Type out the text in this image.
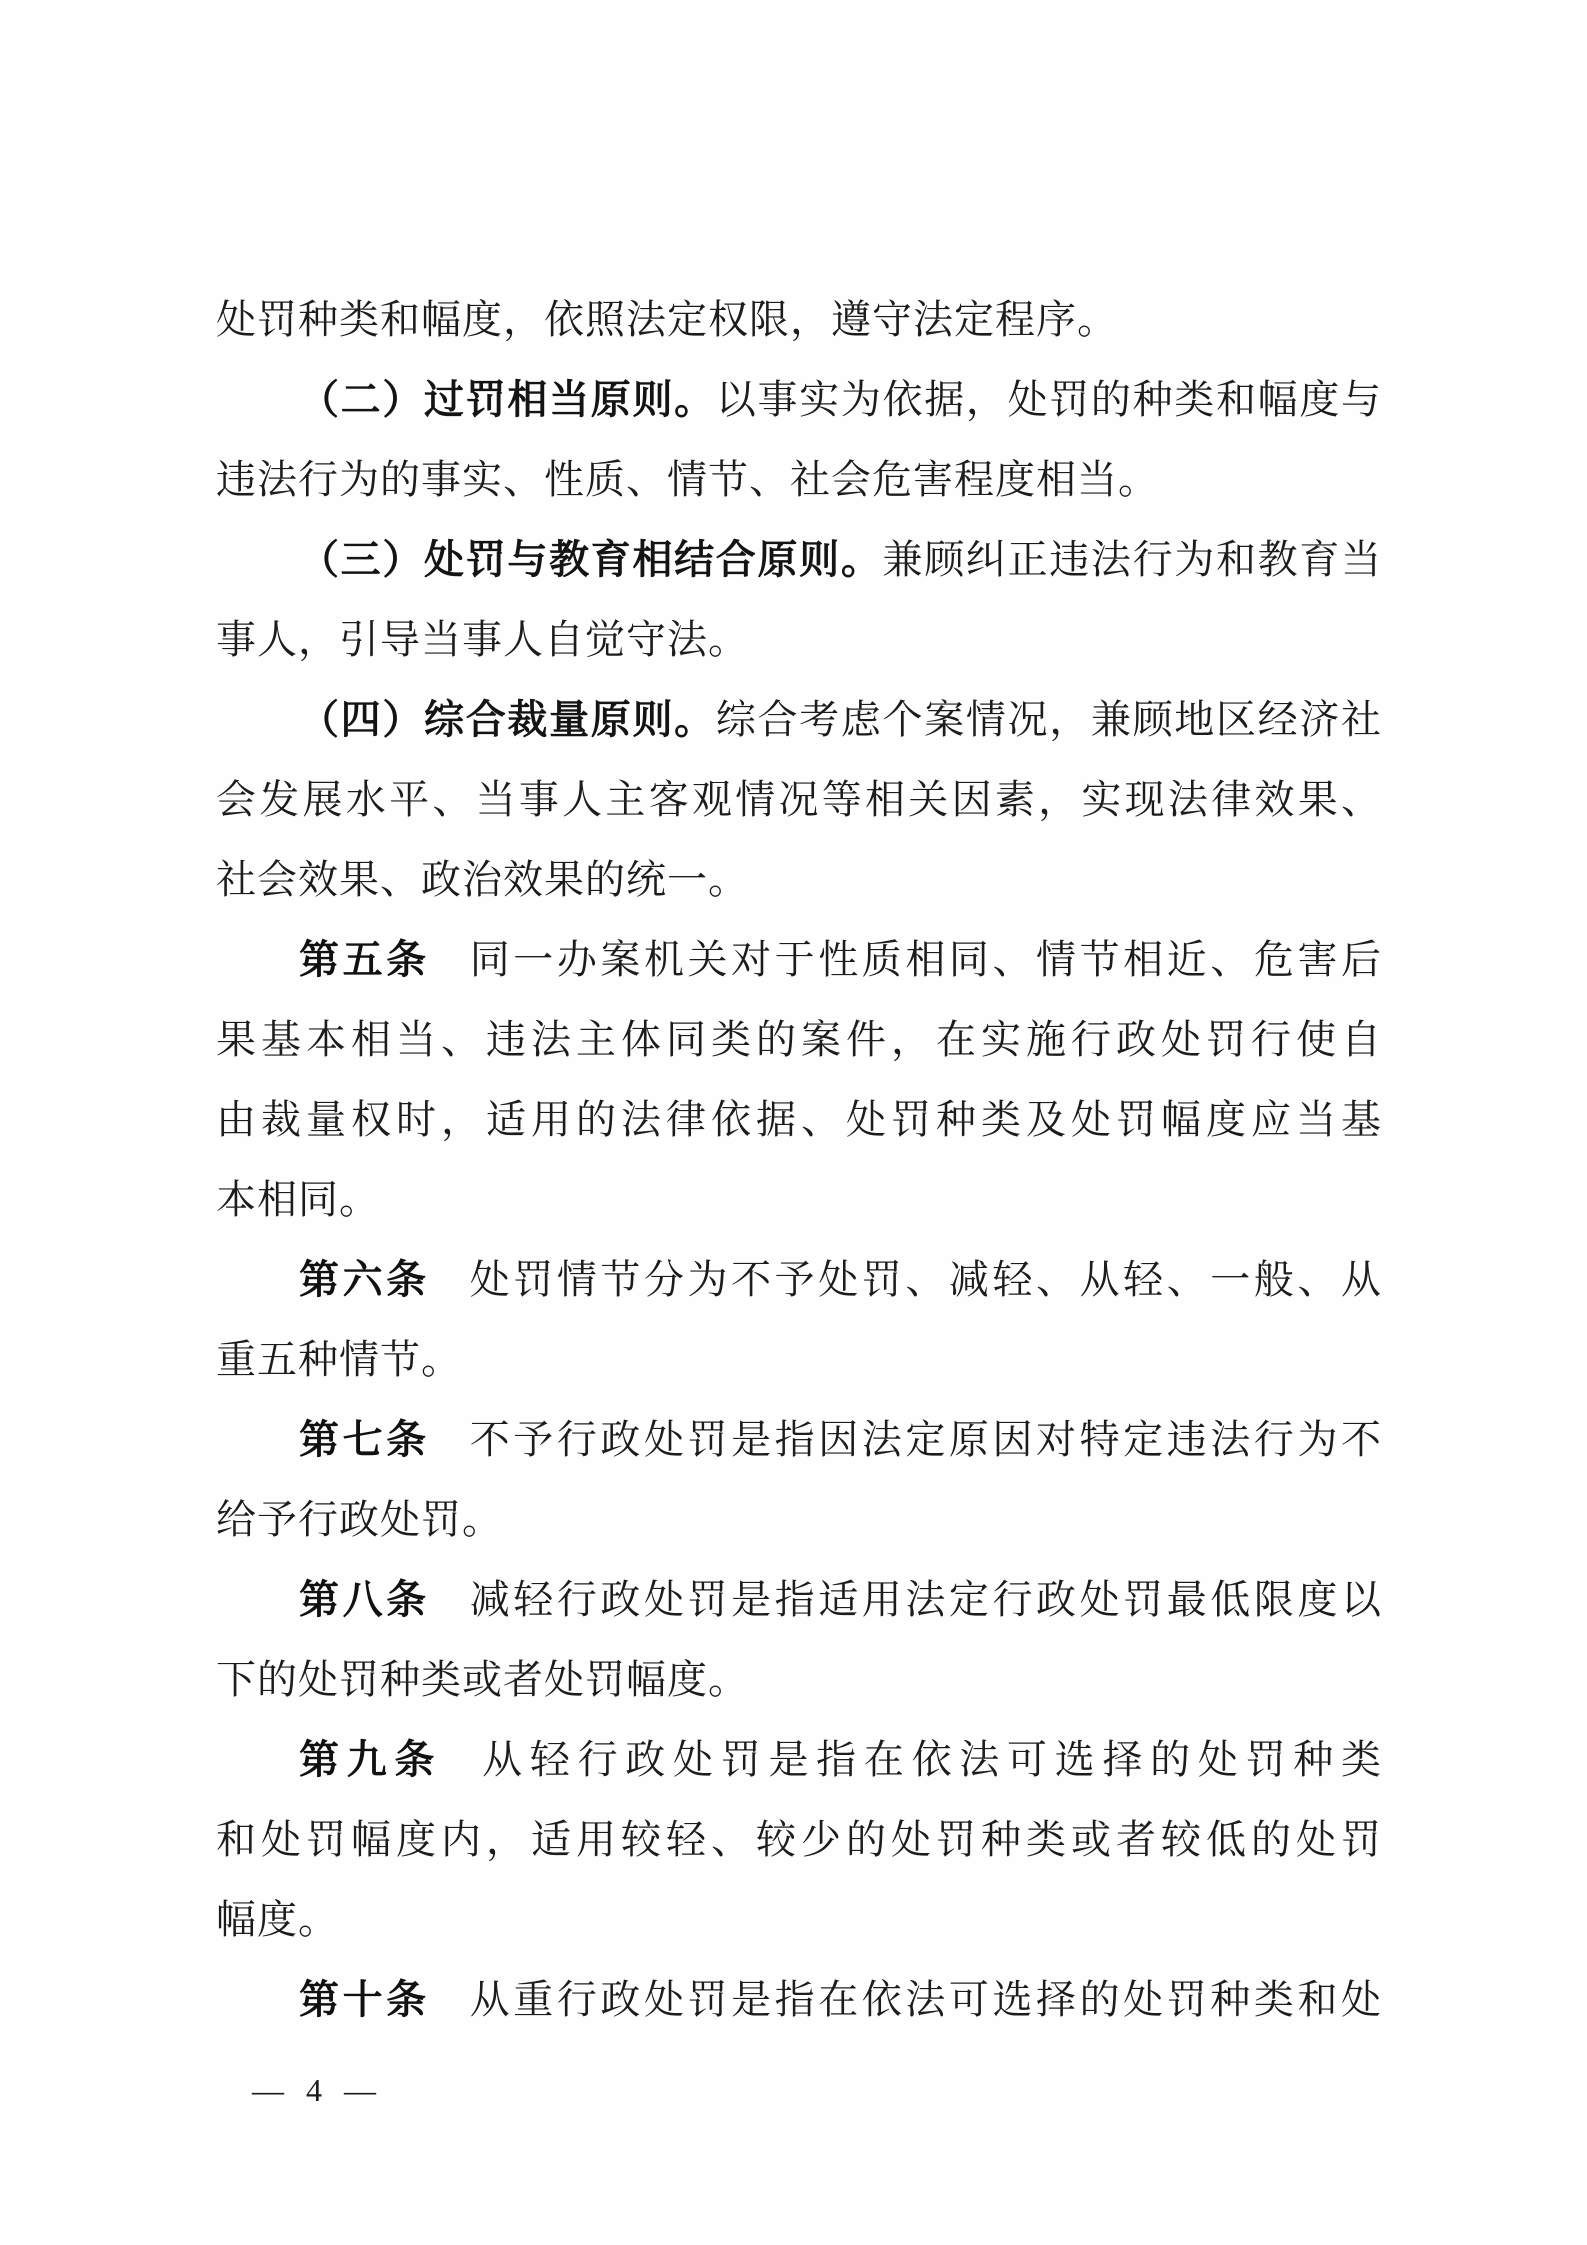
处罚种类和幅度，依照法定权限，遵守法定程序。
（二）过罚相当原则。以事实为依据，处罚的种类和幅度与
违法行为的事实、性质、情节、社会危害程度相当。
（三）处罚与教育相结合原则。兼顾纠正违法行为和教育当
事人，引导当事人自觉守法。
（四）综合裁量原则。综合考虑个案情况，兼顾地区经济社
会发展水平、当事人主客观情况等相关因素，实现法律效果、
社会效果、政治效果的统一。
第五条 同一办案机关对于性质相同、情节相近、危害后
果基本相当、违法主体同类的案件，在实施行政处罚行使自
由裁量权时，适用的法律依据、处罚种类及处罚幅度应当基
本相同。
第六条 处罚情节分为不予处罚、减轻、从轻、一般、从
重五种情节。
第七条 不予行政处罚是指因法定原因对特定违法行为不
给予行政处罚。
第八条 减轻行政处罚是指适用法定行政处罚最低限度以
下的处罚种类或者处罚幅度。
第九条 从轻行政处罚是指在依法可选择的处罚种类
和处罚幅度内，适用较轻、较少的处罚种类或者较低的处罚
幅度。
第十条 从重行政处罚是指在依法可选择的处罚种类和处
— 4 —
